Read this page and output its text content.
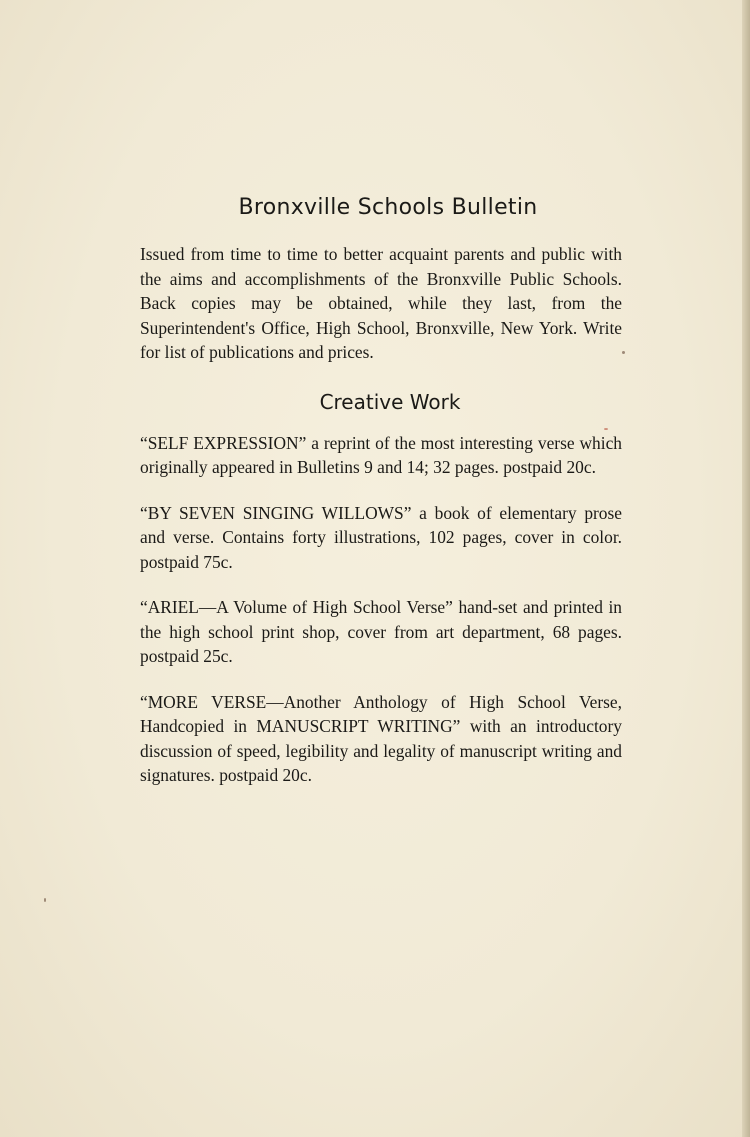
Bronxville Schools Bulletin

Issued from time to time to better acquaint parents and public with the aims and accomplishments of the Bronxville Public Schools. Back copies may be obtained, while they last, from the Superintendent's Office, High School, Bronxville, New York. Write for list of publications and prices.

Creative Work

“SELF EXPRESSION” a reprint of the most interesting verse which originally appeared in Bulletins 9 and 14; 32 pages. postpaid 20c.

“BY SEVEN SINGING WILLOWS” a book of elementary prose and verse. Contains forty illustrations, 102 pages, cover in color. postpaid 75c.

“ARIEL—A Volume of High School Verse” hand-set and printed in the high school print shop, cover from art department, 68 pages. postpaid 25c.

“MORE VERSE—Another Anthology of High School Verse, Handcopied in MANUSCRIPT WRITING” with an introductory discussion of speed, legibility and legality of manuscript writing and signatures. postpaid 20c.
